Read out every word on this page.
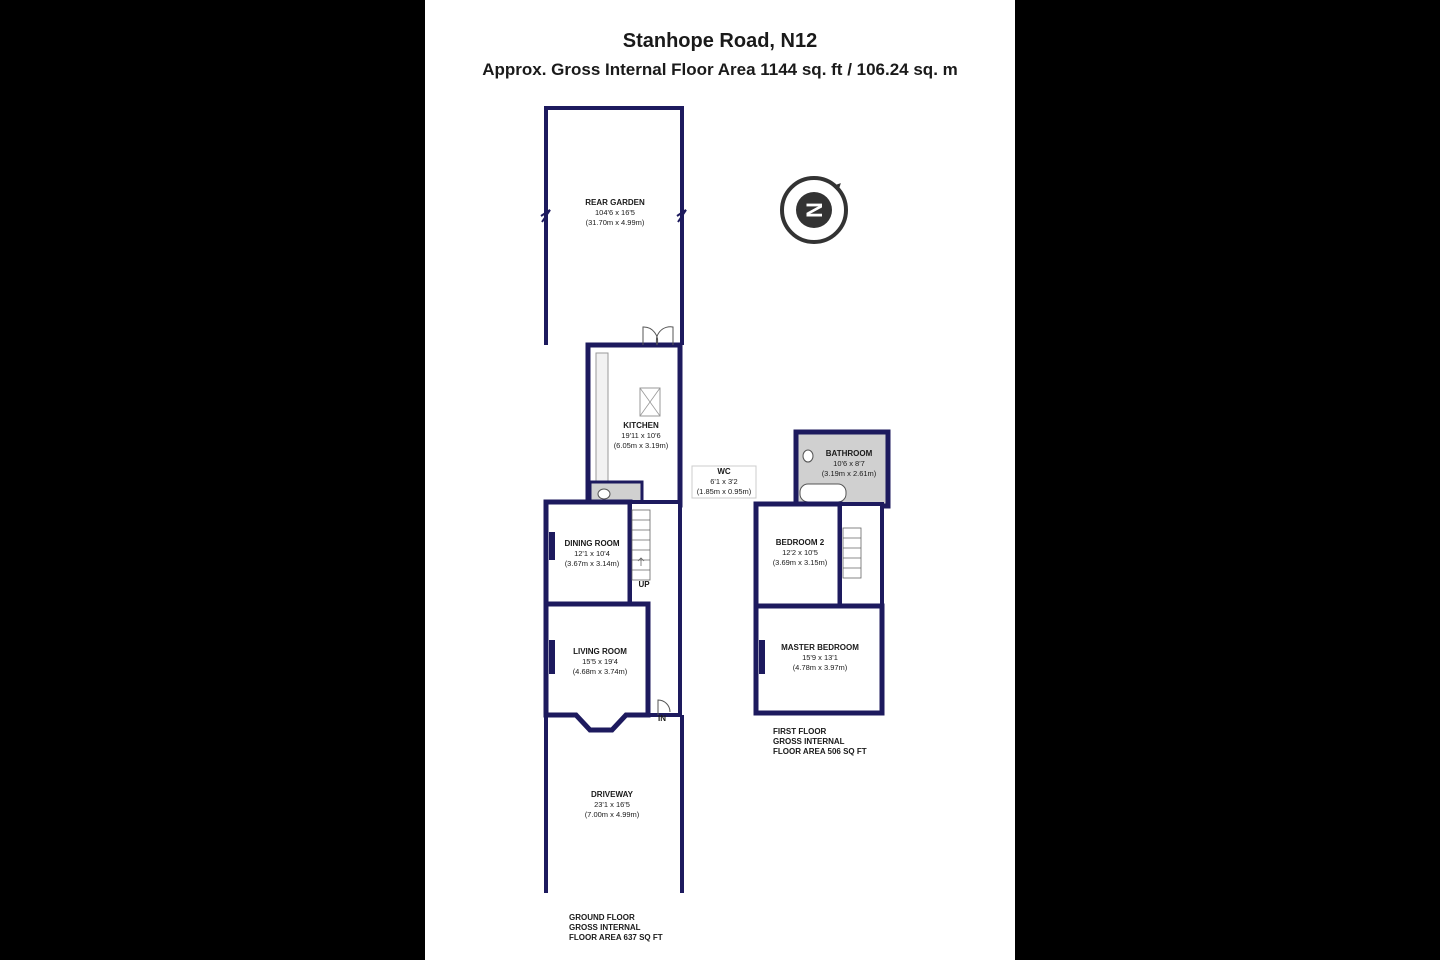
Stanhope Road, N12
Approx. Gross Internal Floor Area 1144 sq. ft / 106.24 sq. m
N
REAR GARDEN
104'6 x 16'5
(31.70m x 4.99m)
KITCHEN
19'11 x 10'6
(6.05m x 3.19m)
WC
6'1 x 3'2
(1.85m x 0.95m)
DINING ROOM
12'1 x 10'4
(3.67m x 3.14m)
UP
LIVING ROOM
15'5 x 19'4
(4.68m x 3.74m)
IN
DRIVEWAY
23'1 x 16'5
(7.00m x 4.99m)
BATHROOM
10'6 x 8'7
(3.19m x 2.61m)
BEDROOM 2
12'2 x 10'5
(3.69m x 3.15m)
MASTER BEDROOM
15'9 x 13'1
(4.78m x 3.97m)
GROUND FLOOR
GROSS INTERNAL
FLOOR AREA 637 SQ FT
FIRST FLOOR
GROSS INTERNAL
FLOOR AREA 506 SQ FT
